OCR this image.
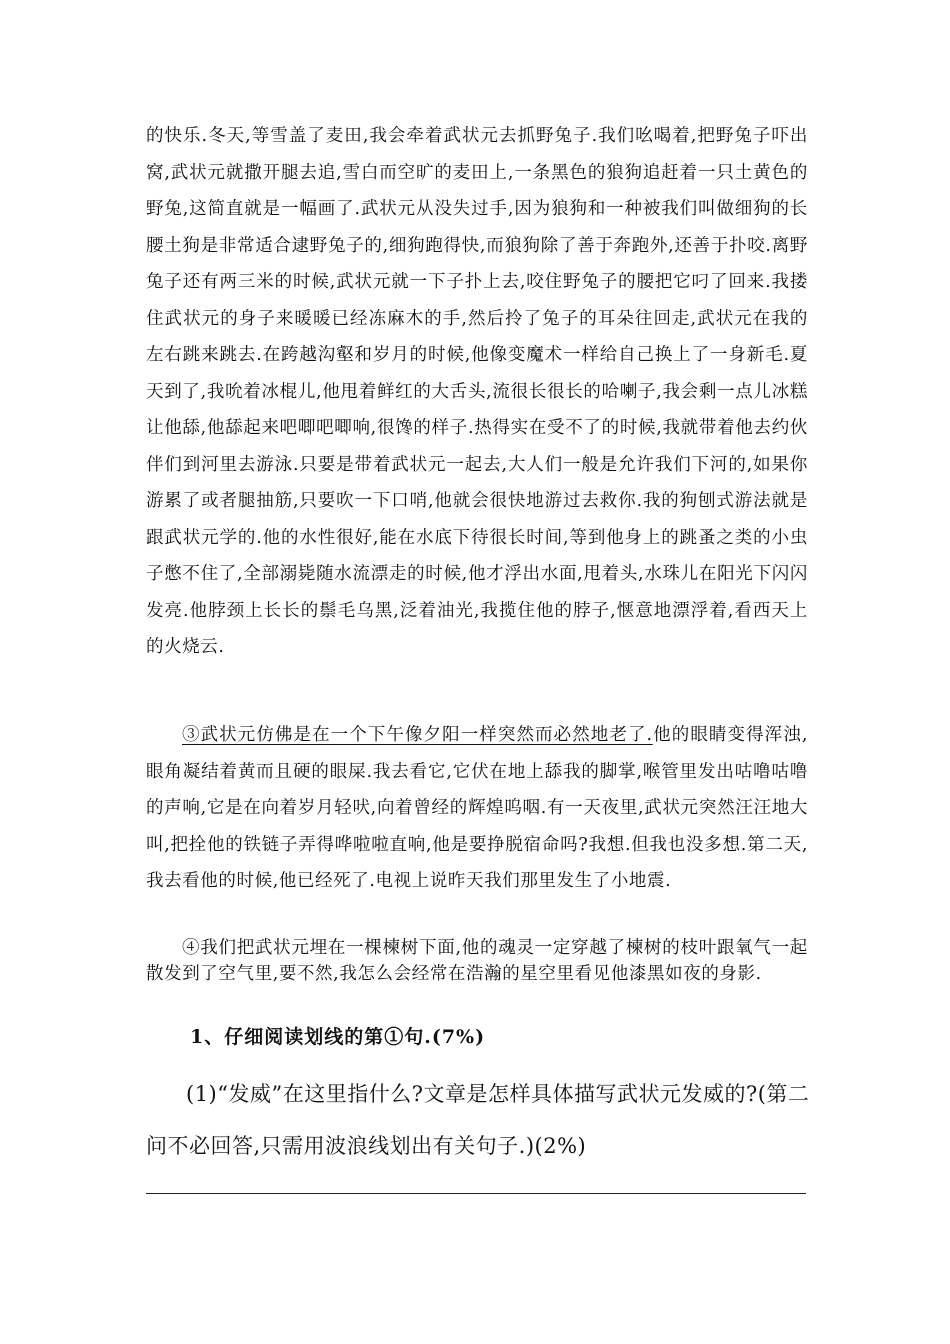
的快乐.冬天,等雪盖了麦田,我会牵着武状元去抓野兔子.我们吆喝着,把野兔子吓出窝,武状元就撒开腿去追,雪白而空旷的麦田上,一条黑色的狼狗追赶着一只土黄色的野兔,这简直就是一幅画了.武状元从没失过手,因为狼狗和一种被我们叫做细狗的长腰土狗是非常适合逮野兔子的,细狗跑得快,而狼狗除了善于奔跑外,还善于扑咬.离野兔子还有两三米的时候,武状元就一下子扑上去,咬住野兔子的腰把它叼了回来.我搂住武状元的身子来暖暖已经冻麻木的手,然后拎了兔子的耳朵往回走,武状元在我的左右跳来跳去.在跨越沟壑和岁月的时候,他像变魔术一样给自己换上了一身新毛.夏天到了,我吮着冰棍儿,他甩着鲜红的大舌头,流很长很长的哈喇子,我会剩一点儿冰糕让他舔,他舔起来吧唧吧唧响,很馋的样子.热得实在受不了的时候,我就带着他去约伙伴们到河里去游泳.只要是带着武状元一起去,大人们一般是允许我们下河的,如果你游累了或者腿抽筋,只要吹一下口哨,他就会很快地游过去救你.我的狗刨式游法就是跟武状元学的.他的水性很好,能在水底下待很长时间,等到他身上的跳蚤之类的小虫子憋不住了,全部溺毙随水流漂走的时候,他才浮出水面,甩着头,水珠儿在阳光下闪闪发亮.他脖颈上长长的鬃毛乌黑,泛着油光,我揽住他的脖子,惬意地漂浮着,看西天上的火烧云.

③武状元仿佛是在一个下午像夕阳一样突然而必然地老了.他的眼睛变得浑浊,眼角凝结着黄而且硬的眼屎.我去看它,它伏在地上舔我的脚掌,喉管里发出咕噜咕噜的声响,它是在向着岁月轻吠,向着曾经的辉煌呜咽.有一天夜里,武状元突然汪汪地大叫,把拴他的铁链子弄得哗啦啦直响,他是要挣脱宿命吗?我想.但我也没多想.第二天,我去看他的时候,他已经死了.电视上说昨天我们那里发生了小地震.

④我们把武状元埋在一棵楝树下面,他的魂灵一定穿越了楝树的枝叶跟氧气一起散发到了空气里,要不然,我怎么会经常在浩瀚的星空里看见他漆黑如夜的身影.

1、仔细阅读划线的第①句.(7%)

(1)“发威”在这里指什么?文章是怎样具体描写武状元发威的?(第二问不必回答,只需用波浪线划出有关句子.)(2%)
